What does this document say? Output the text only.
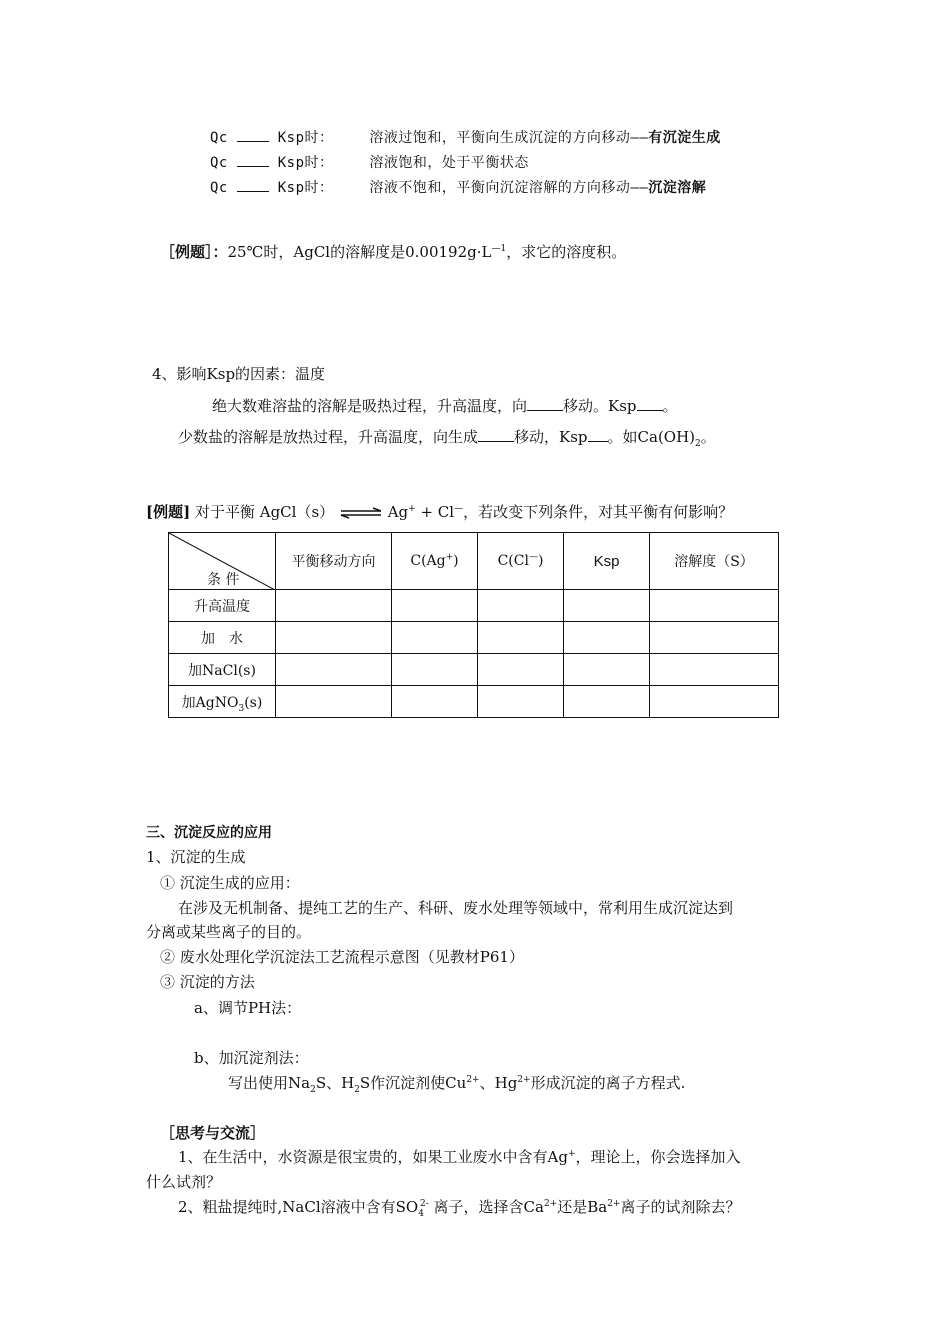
Qc	Ksp时：	溶液过饱和，平衡向生成沉淀的方向移动——有沉淀生成
Qc	Ksp时：	溶液饱和，处于平衡状态
Qc	Ksp时：	溶液不饱和，平衡向沉淀溶解的方向移动——沉淀溶解
［例题］：25℃时，AgCl的溶解度是$0.00192g\cdot L^{—1}$，求它的溶度积。
4、影响Ksp的因素：温度
绝大数难溶盐的溶解是吸热过程，升高温度，向 移动。Ksp 。
少数盐的溶解是放热过程，升高温度，向生成 移动，Ksp 。如$Ca(OH)_2$。
[例题] 对于平衡 AgCl（s） ⇌ Ag+ + Cl—，若改变下列条件，对其平衡有何影响？
条 件	平衡移动方向	C(Ag+)	C(Cl—)	Ksp	溶解度（S）
升高温度					
加　水					
加NaCl(s)					
加AgNO$_3$(s)					
三、沉淀反应的应用
1、沉淀的生成
① 沉淀生成的应用：
在涉及无机制备、提纯工艺的生产、科研、废水处理等领域中，常利用生成沉淀达到
分离或某些离子的目的。
② 废水处理化学沉淀法工艺流程示意图（见教材P61）
③ 沉淀的方法
a、调节PH法：
b、加沉淀剂法：
写出使用$Na_2S$、$H_2S$作沉淀剂使$Cu^{2+}$、$Hg^{2+}$形成沉淀的离子方程式.
［思考与交流］
1、在生活中，水资源是很宝贵的，如果工业废水中含有Ag+，理论上，你会选择加入
什么试剂？
2、粗盐提纯时,NaCl溶液中含有$SO_4^{2-}$ 离子，选择含$Ca^{2+}$还是$Ba^{2+}$离子的试剂除去？
